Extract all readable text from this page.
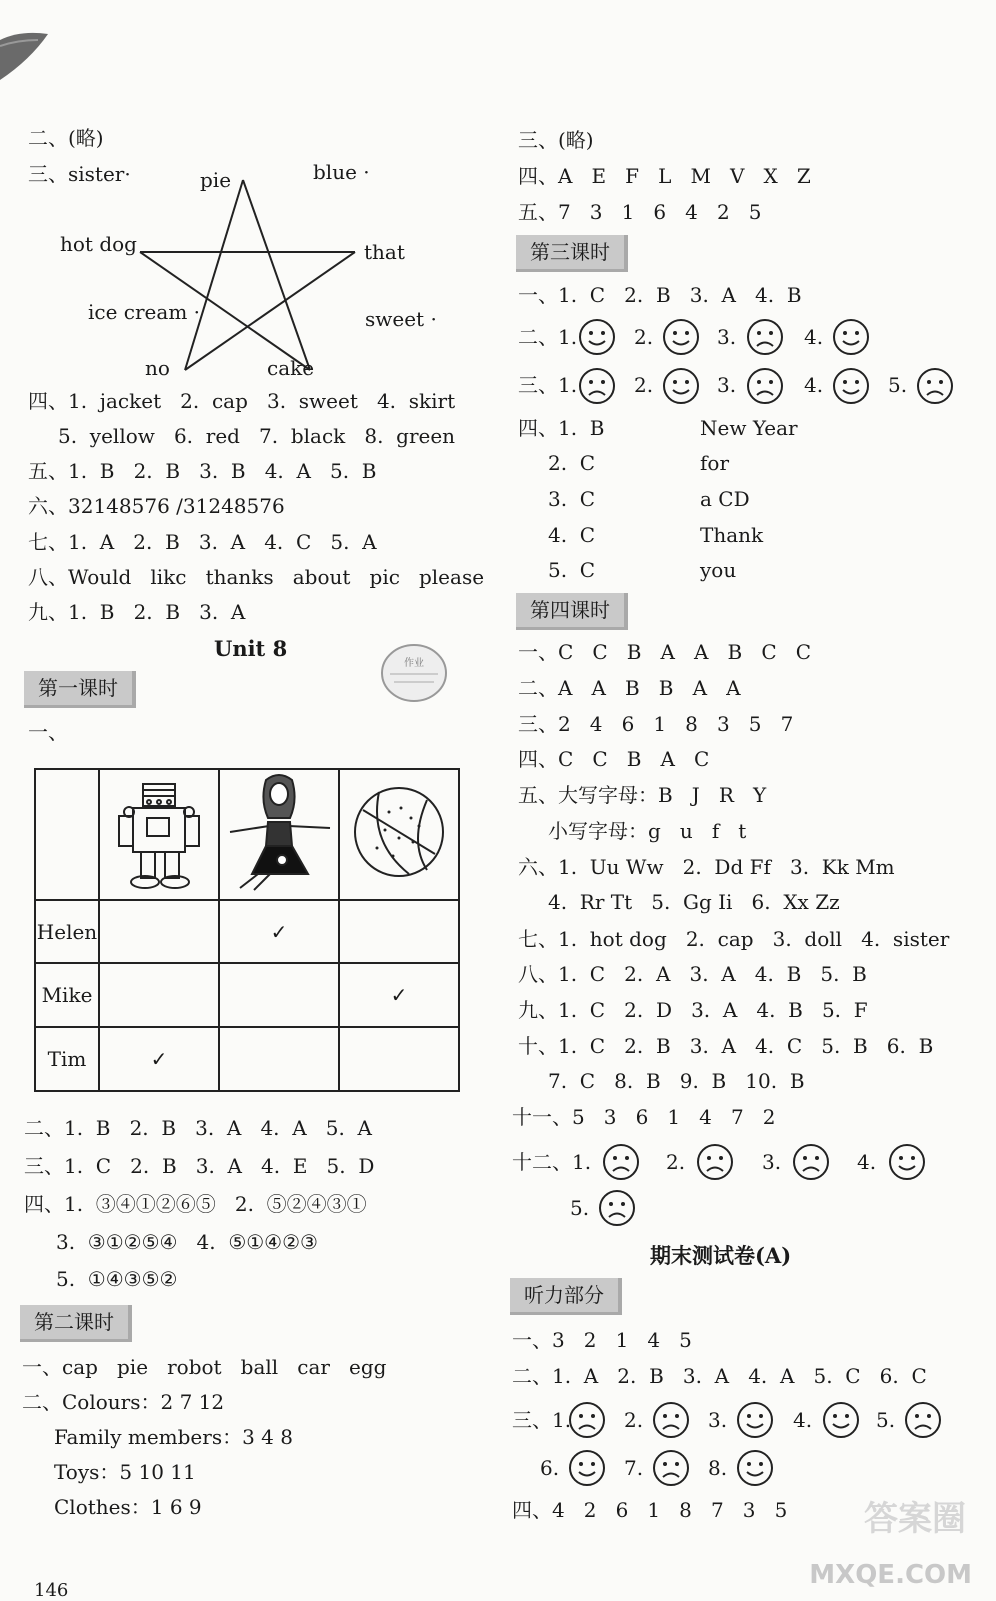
二、(略)
三、sister·	pie	blue ·
hot dog	that
ice cream ·	sweet ·
no	cake
四、1.  jacket   2.  cap   3.  sweet   4.  skirt
5.  yellow   6.  red   7.  black   8.  green
五、1.  B   2.  B   3.  B   4.  A   5.  B
六、32148576 /31248576
七、1.  A   2.  B   3.  A   4.  C   5.  A
八、Would   likc   thanks   about   pic   please
九、1.  B   2.  B   3.  A
Unit 8
作业
第一课时
一、

Helen		✓	
Mike			✓
Tim	✓		
二、1.  B   2.  B   3.  A   4.  A   5.  A
三、1.  C   2.  B   3.  A   4.  E   5.  D
四、1.  ③④①②⑥⑤   2.  ⑤②④③①
3.  ③①②⑤④   4.  ⑤①④②③
5.  ①④③⑤②
第二课时
一、cap   pie   robot   ball   car   egg
二、Colours：2 7 12
Family members：3 4 8
Toys：5 10 11
Clothes：1 6 9
146
三、(略)
四、A   E   F   L   M   V   X   Z
五、7   3   1   6   4   2   5
第三课时
一、1.  C   2.  B   3.  A   4.  B
二、1.	2.	3.	4.
三、1.	2.	3.	4.	5.
四、1.  B	New Year
2.  C	for
3.  C	a CD
4.  C	Thank
5.  C	you
第四课时
一、C   C   B   A   A   B   C   C
二、A   A   B   B   A   A
三、2   4   6   1   8   3   5   7
四、C   C   B   A   C
五、大写字母：B   J   R   Y
小写字母：g   u   f   t
六、1.  Uu Ww   2.  Dd Ff   3.  Kk Mm
4.  Rr Tt   5.  Gg Ii   6.  Xx Zz
七、1.  hot dog   2.  cap   3.  doll   4.  sister
八、1.  C   2.  A   3.  A   4.  B   5.  B
九、1.  C   2.  D   3.  A   4.  B   5.  F
十、1.  C   2.  B   3.  A   4.  C   5.  B   6.  B
7.  C   8.  B   9.  B   10.  B
十一、5   3   6   1   4   7   2
十二、1.	2.	3.	4.
5.
期末测试卷(A)
听力部分
一、3   2   1   4   5
二、1.  A   2.  B   3.  A   4.  A   5.  C   6.  C
三、1.	2.	3.	4.	5.
6.	7.	8.
四、4   2   6   1   8   7   3   5 答案圈
MXQE.COM
